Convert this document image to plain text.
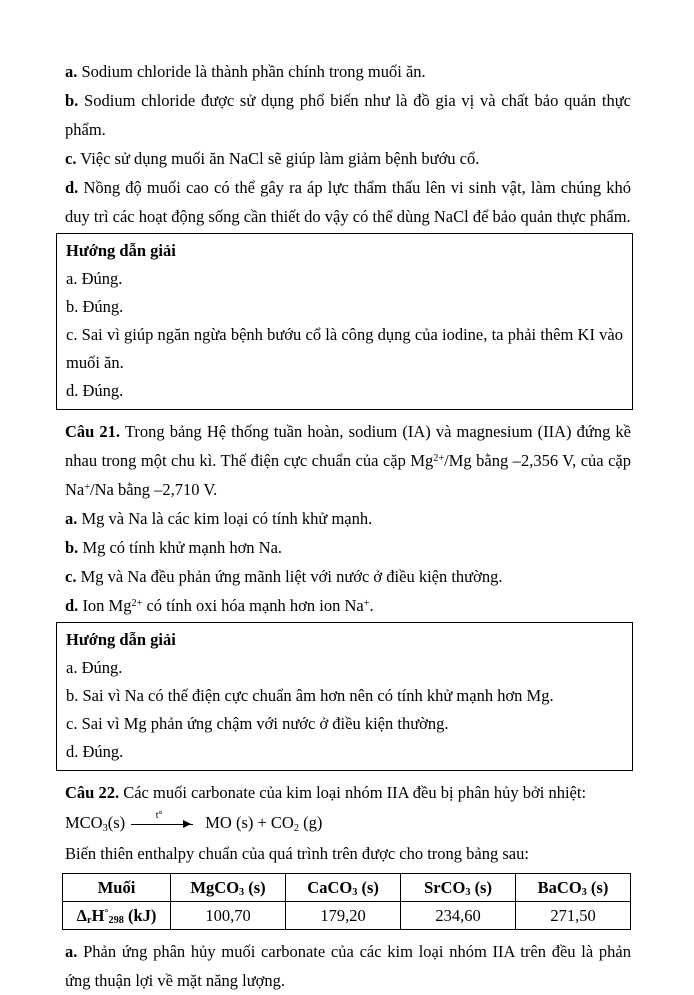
a. Sodium chloride là thành phần chính trong muối ăn.

b. Sodium chloride được sử dụng phổ biến như là đồ gia vị và chất bảo quản thực phẩm.

c. Việc sử dụng muối ăn NaCl sẽ giúp làm giảm bệnh bướu cổ.

d. Nồng độ muối cao có thể gây ra áp lực thẩm thấu lên vi sinh vật, làm chúng khó duy trì các hoạt động sống cần thiết do vậy có thể dùng NaCl để bảo quản thực phẩm.

Hướng dẫn giải

a. Đúng.

b. Đúng.

c. Sai vì giúp ngăn ngừa bệnh bướu cổ là công dụng của iodine, ta phải thêm KI vào muối ăn.

d. Đúng.

Câu 21. Trong bảng Hệ thống tuần hoàn, sodium (IA) và magnesium (IIA) đứng kề nhau trong một chu kì. Thế điện cực chuẩn của cặp $Mg^{2+}/Mg$ bằng –2,356 V, của cặp Na+/Na bằng –2,710 V.

a. Mg và Na là các kim loại có tính khử mạnh.

b. Mg có tính khử mạnh hơn Na.

c. Mg và Na đều phản ứng mãnh liệt với nước ở điều kiện thường.

d. Ion $Mg^{2+}$ có tính oxi hóa mạnh hơn ion Na+.

Hướng dẫn giải

a. Đúng.

b. Sai vì Na có thế điện cực chuẩn âm hơn nên có tính khử mạnh hơn Mg.

c. Sai vì Mg phản ứng chậm với nước ở điều kiện thường.

d. Đúng.

Câu 22. Các muối carbonate của kim loại nhóm IIA đều bị phân hủy bởi nhiệt:

$MCO_3(s)$	t°	MO $(s) + CO_2$ (g)

Biến thiên enthalpy chuẩn của quá trình trên được cho trong bảng sau:

Muối	MgCO$_3$ (s)	CaCO$_3$ (s)	SrCO$_3$ (s)	BaCO$_3$ (s)
$\Delta_rH^\circ_{298}$ (kJ)	100,70	179,20	234,60	271,50

a. Phản ứng phân hủy muối carbonate của các kim loại nhóm IIA trên đều là phản ứng thuận lợi về mặt năng lượng.
